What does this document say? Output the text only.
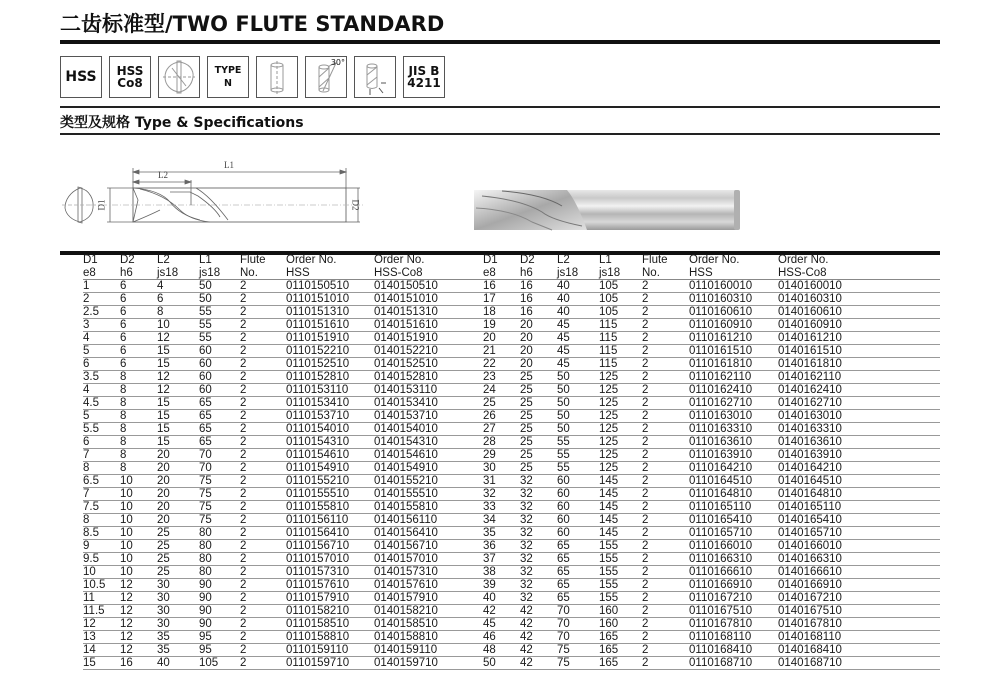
二齿标准型/TWO FLUTE STANDARD
HSS HSS
Co8
TYPE
N
30°
JIS B
4211
类型及规格 Type & Specifications
L1
L2
D1	D2
D1	D2	L2	L1	Flute	Order No.	Order No.
e8	h6	js18	js18	No.	HSS	HSS-Co8
1	6	4	50	2	0110150510	0140150510
2	6	6	50	2	0110151010	0140151010
2.5	6	8	55	2	0110151310	0140151310
3	6	10	55	2	0110151610	0140151610
4	6	12	55	2	0110151910	0140151910
5	6	15	60	2	0110152210	0140152210
6	6	15	60	2	0110152510	0140152510
3.5	8	12	60	2	0110152810	0140152810
4	8	12	60	2	0110153110	0140153110
4.5	8	15	65	2	0110153410	0140153410
5	8	15	65	2	0110153710	0140153710
5.5	8	15	65	2	0110154010	0140154010
6	8	15	65	2	0110154310	0140154310
7	8	20	70	2	0110154610	0140154610
8	8	20	70	2	0110154910	0140154910
6.5	10	20	75	2	0110155210	0140155210
7	10	20	75	2	0110155510	0140155510
7.5	10	20	75	2	0110155810	0140155810
8	10	20	75	2	0110156110	0140156110
8.5	10	25	80	2	0110156410	0140156410
9	10	25	80	2	0110156710	0140156710
9.5	10	25	80	2	0110157010	0140157010
10	10	25	80	2	0110157310	0140157310
10.5	12	30	90	2	0110157610	0140157610
11	12	30	90	2	0110157910	0140157910
11.5	12	30	90	2	0110158210	0140158210
12	12	30	90	2	0110158510	0140158510
13	12	35	95	2	0110158810	0140158810
14	12	35	95	2	0110159110	0140159110
15	16	40	105	2	0110159710	0140159710
D1	D2	L2	L1	Flute	Order No.	Order No.
e8	h6	js18	js18	No.	HSS	HSS-Co8
16	16	40	105	2	0110160010	0140160010
17	16	40	105	2	0110160310	0140160310
18	16	40	105	2	0110160610	0140160610
19	20	45	115	2	0110160910	0140160910
20	20	45	115	2	0110161210	0140161210
21	20	45	115	2	0110161510	0140161510
22	20	45	115	2	0110161810	0140161810
23	25	50	125	2	0110162110	0140162110
24	25	50	125	2	0110162410	0140162410
25	25	50	125	2	0110162710	0140162710
26	25	50	125	2	0110163010	0140163010
27	25	50	125	2	0110163310	0140163310
28	25	55	125	2	0110163610	0140163610
29	25	55	125	2	0110163910	0140163910
30	25	55	125	2	0110164210	0140164210
31	32	60	145	2	0110164510	0140164510
32	32	60	145	2	0110164810	0140164810
33	32	60	145	2	0110165110	0140165110
34	32	60	145	2	0110165410	0140165410
35	32	60	145	2	0110165710	0140165710
36	32	65	155	2	0110166010	0140166010
37	32	65	155	2	0110166310	0140166310
38	32	65	155	2	0110166610	0140166610
39	32	65	155	2	0110166910	0140166910
40	32	65	155	2	0110167210	0140167210
42	42	70	160	2	0110167510	0140167510
45	42	70	160	2	0110167810	0140167810
46	42	70	165	2	0110168110	0140168110
48	42	75	165	2	0110168410	0140168410
50	42	75	165	2	0110168710	0140168710
